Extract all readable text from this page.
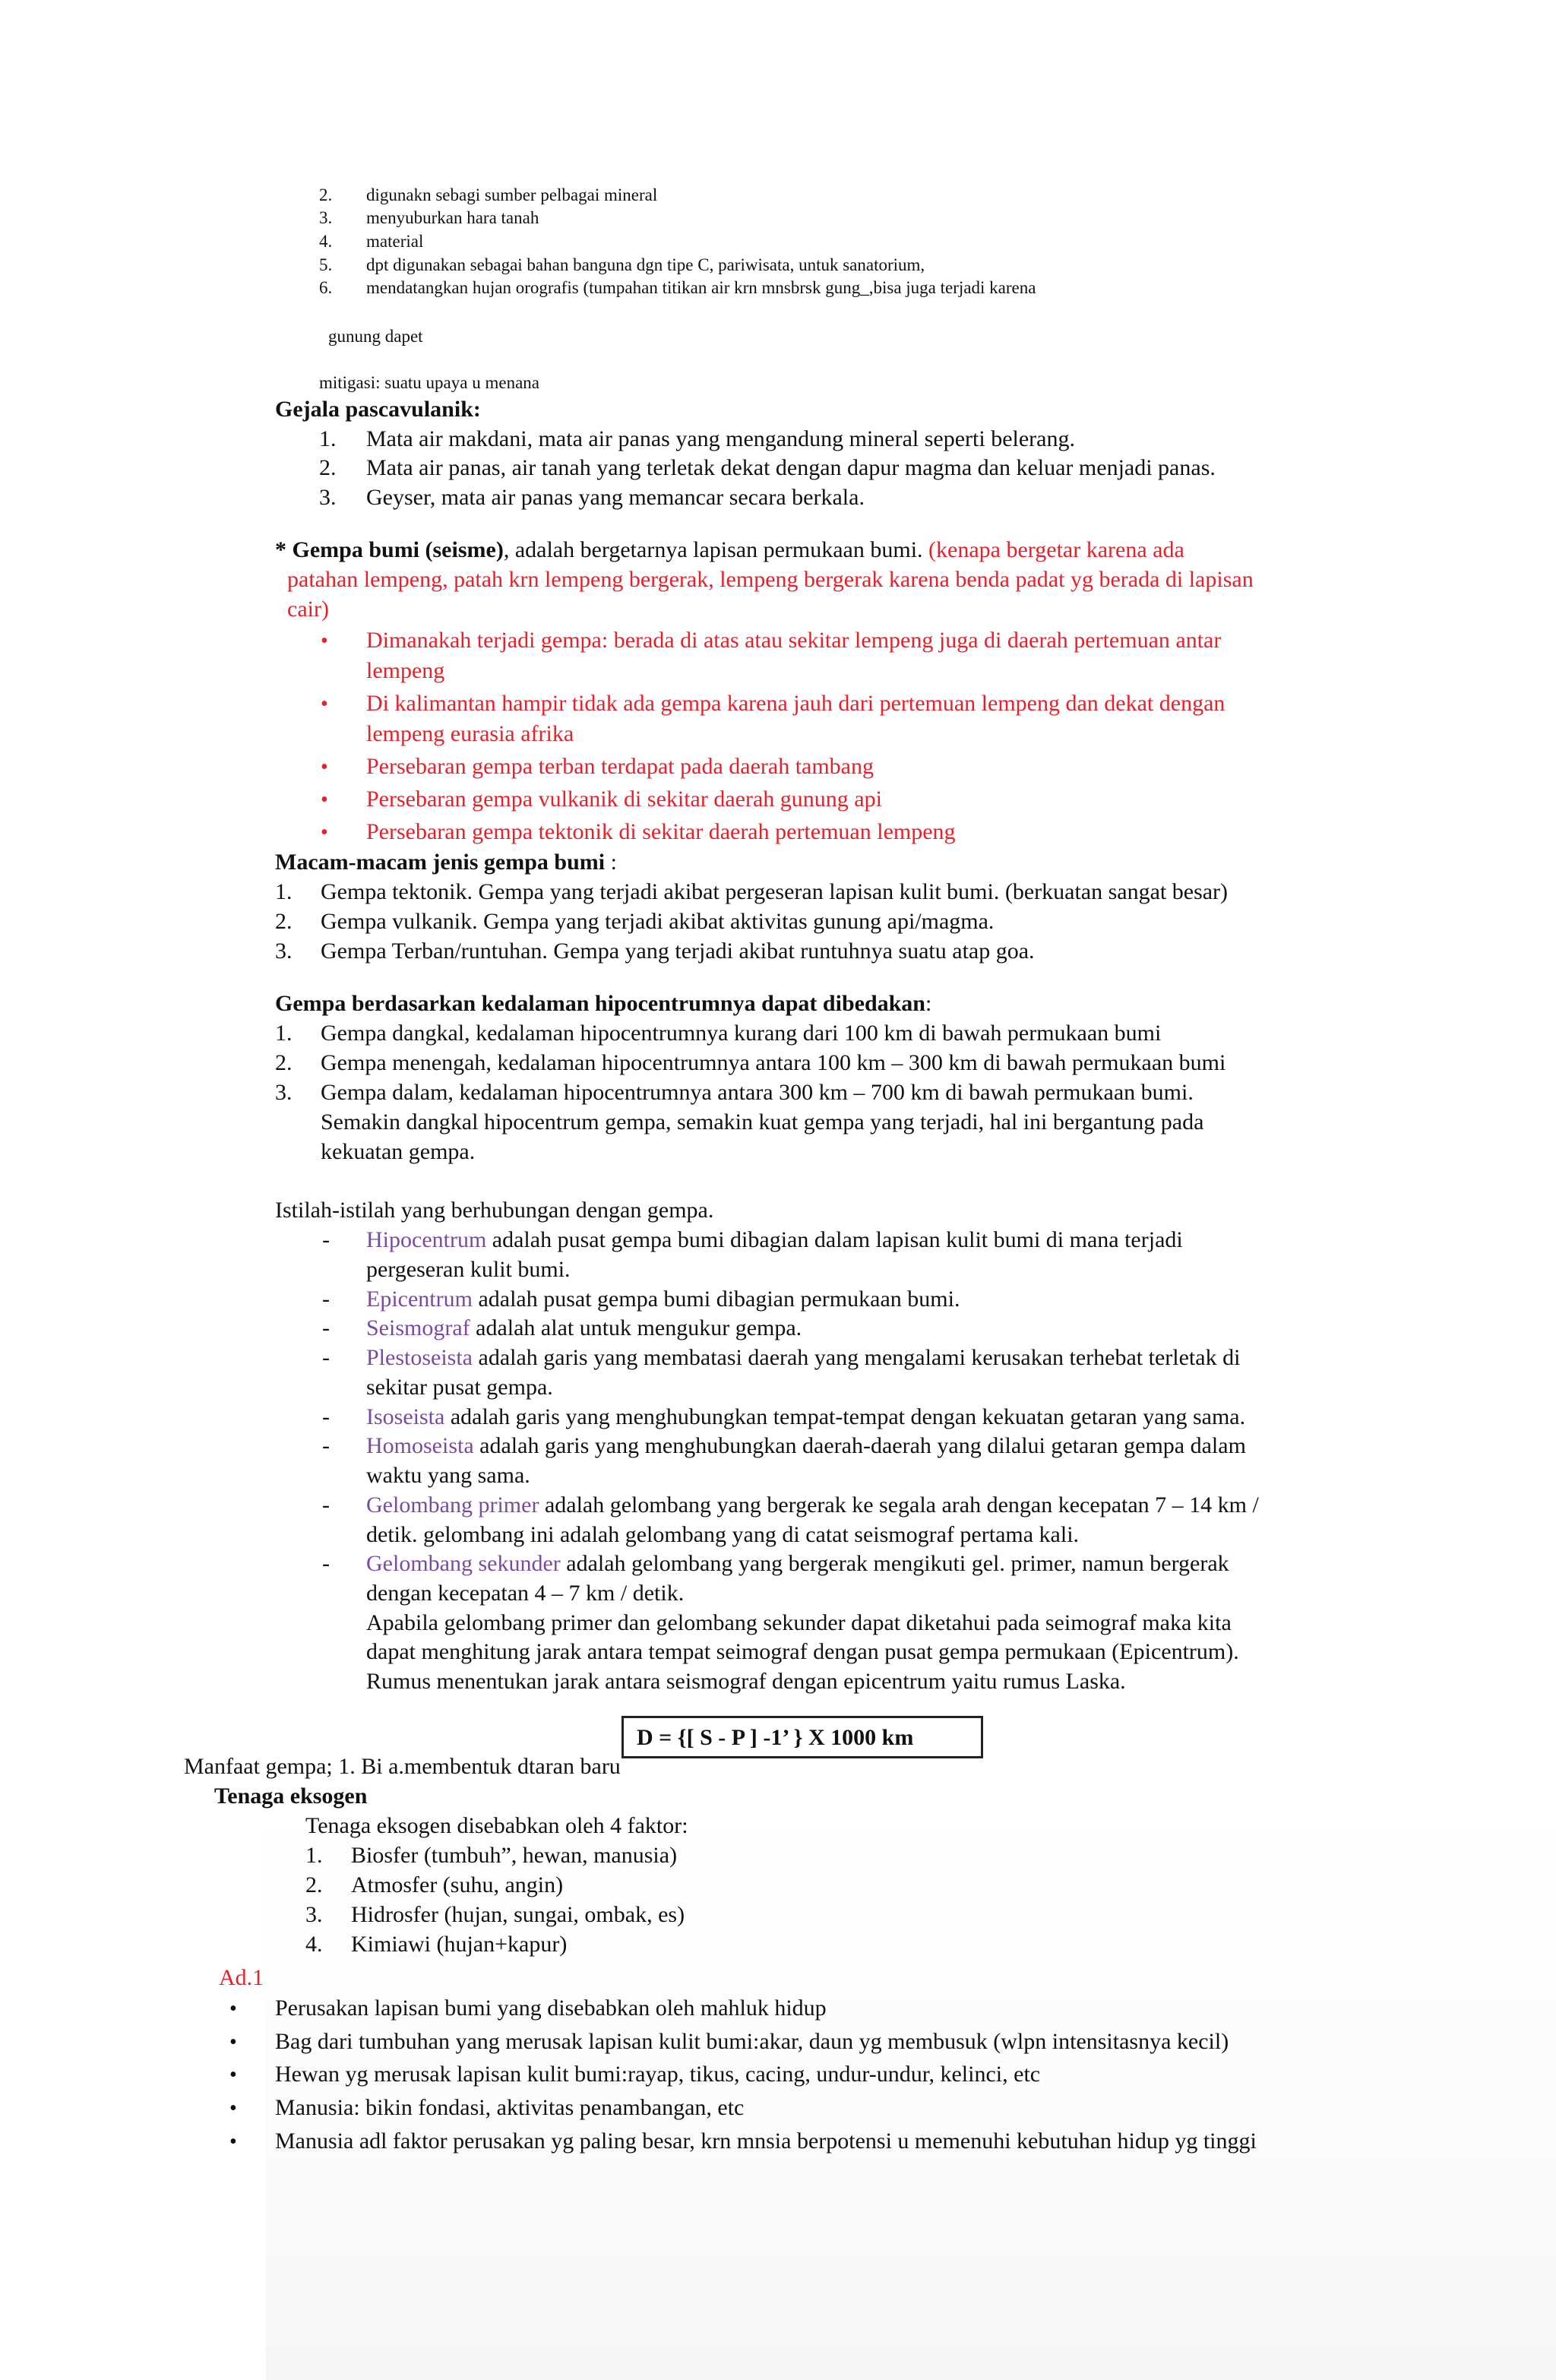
2. digunakn sebagi sumber pelbagai mineral
3. menyuburkan hara tanah
4. material
5. dpt digunakan sebagai bahan banguna dgn tipe C, pariwisata, untuk sanatorium,
6. mendatangkan hujan orografis (tumpahan titikan air krn mnsbrsk gung_,bisa juga terjadi karena
gunung dapet
mitigasi: suatu upaya u menana
Gejala pascavulanik:
1. Mata air makdani, mata air panas yang mengandung mineral seperti belerang.
2. Mata air panas, air tanah yang terletak dekat dengan dapur magma dan keluar menjadi panas.
3. Geyser, mata air panas yang memancar secara berkala.
* Gempa bumi (seisme), adalah bergetarnya lapisan permukaan bumi. (kenapa bergetar karena ada
patahan lempeng, patah krn lempeng bergerak, lempeng bergerak karena benda padat yg berada di lapisan
cair)
• Dimanakah terjadi gempa: berada di atas atau sekitar lempeng juga di daerah pertemuan antar
lempeng
• Di kalimantan hampir tidak ada gempa karena jauh dari pertemuan lempeng dan dekat dengan
lempeng eurasia afrika
• Persebaran gempa terban terdapat pada daerah tambang
• Persebaran gempa vulkanik di sekitar daerah gunung api
• Persebaran gempa tektonik di sekitar daerah pertemuan lempeng
Macam-macam jenis gempa bumi :
1. Gempa tektonik. Gempa yang terjadi akibat pergeseran lapisan kulit bumi. (berkuatan sangat besar)
2. Gempa vulkanik. Gempa yang terjadi akibat aktivitas gunung api/magma.
3. Gempa Terban/runtuhan. Gempa yang terjadi akibat runtuhnya suatu atap goa.
Gempa berdasarkan kedalaman hipocentrumnya dapat dibedakan:
1. Gempa dangkal, kedalaman hipocentrumnya kurang dari 100 km di bawah permukaan bumi
2. Gempa menengah, kedalaman hipocentrumnya antara 100 km – 300 km di bawah permukaan bumi
3. Gempa dalam, kedalaman hipocentrumnya antara 300 km – 700 km di bawah permukaan bumi.
Semakin dangkal hipocentrum gempa, semakin kuat gempa yang terjadi, hal ini bergantung pada
kekuatan gempa.
Istilah-istilah yang berhubungan dengan gempa.
- Hipocentrum adalah pusat gempa bumi dibagian dalam lapisan kulit bumi di mana terjadi
pergeseran kulit bumi.
- Epicentrum adalah pusat gempa bumi dibagian permukaan bumi.
- Seismograf adalah alat untuk mengukur gempa.
- Plestoseista adalah garis yang membatasi daerah yang mengalami kerusakan terhebat terletak di
sekitar pusat gempa.
- Isoseista adalah garis yang menghubungkan tempat-tempat dengan kekuatan getaran yang sama.
- Homoseista adalah garis yang menghubungkan daerah-daerah yang dilalui getaran gempa dalam
waktu yang sama.
- Gelombang primer adalah gelombang yang bergerak ke segala arah dengan kecepatan 7 – 14 km /
detik. gelombang ini adalah gelombang yang di catat seismograf pertama kali.
- Gelombang sekunder adalah gelombang yang bergerak mengikuti gel. primer, namun bergerak
dengan kecepatan 4 – 7 km / detik.
Apabila gelombang primer dan gelombang sekunder dapat diketahui pada seimograf maka kita
dapat menghitung jarak antara tempat seimograf dengan pusat gempa permukaan (Epicentrum).
Rumus menentukan jarak antara seismograf dengan epicentrum yaitu rumus Laska.
D = {[ S - P ] -1’ } X 1000 km
Manfaat gempa; 1. Bi a.membentuk dtaran baru
Tenaga eksogen
Tenaga eksogen disebabkan oleh 4 faktor:
1. Biosfer (tumbuh”, hewan, manusia)
2. Atmosfer (suhu, angin)
3. Hidrosfer (hujan, sungai, ombak, es)
4. Kimiawi (hujan+kapur)
Ad.1
• Perusakan lapisan bumi yang disebabkan oleh mahluk hidup
• Bag dari tumbuhan yang merusak lapisan kulit bumi:akar, daun yg membusuk (wlpn intensitasnya kecil)
• Hewan yg merusak lapisan kulit bumi:rayap, tikus, cacing, undur-undur, kelinci, etc
• Manusia: bikin fondasi, aktivitas penambangan, etc
• Manusia adl faktor perusakan yg paling besar, krn mnsia berpotensi u memenuhi kebutuhan hidup yg tinggi
